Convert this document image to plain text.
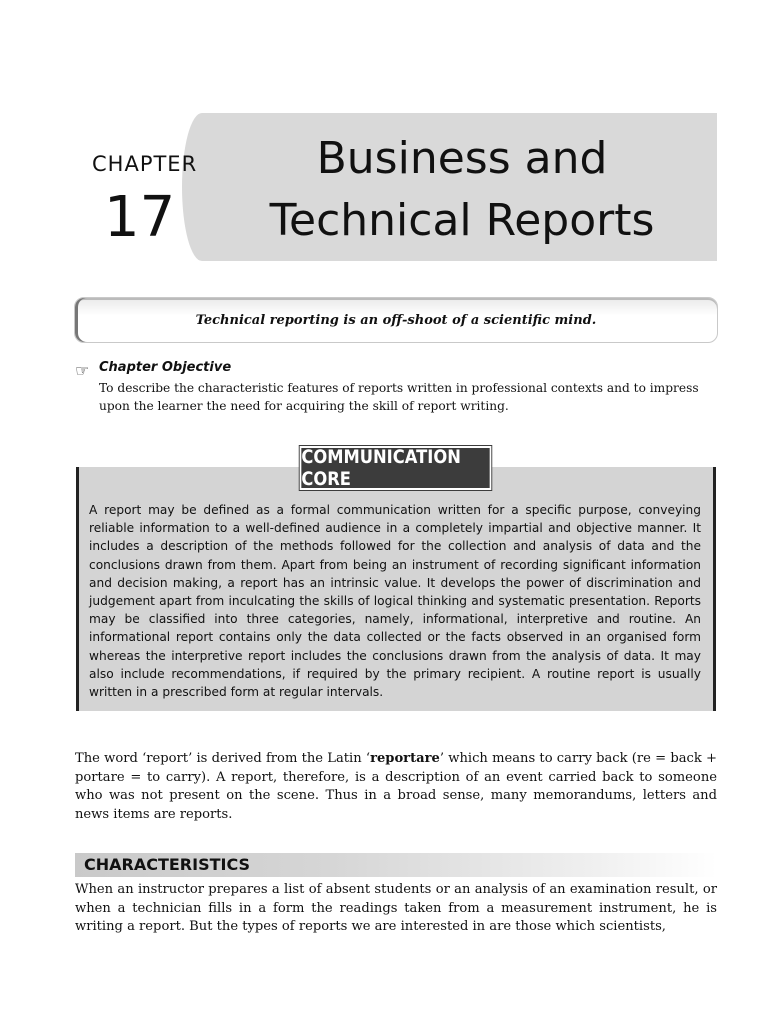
CHAPTER
17
Business and
Technical Reports
Technical reporting is an off-shoot of a scientific mind.
☞ Chapter Objective
To describe the characteristic features of reports written in professional contexts and to impress upon the learner the need for acquiring the skill of report writing.
COMMUNICATION CORE
A report may be defined as a formal communication written for a specific purpose, conveying reliable information to a well-defined audience in a completely impartial and objective manner. It includes a description of the methods followed for the collection and analysis of data and the conclusions drawn from them. Apart from being an instrument of recording significant information and decision making, a report has an intrinsic value. It develops the power of discrimination and judgement apart from inculcating the skills of logical thinking and systematic presentation. Reports may be classified into three categories, namely, informational, interpretive and routine. An informational report contains only the data collected or the facts observed in an organised form whereas the interpretive report includes the conclusions drawn from the analysis of data. It may also include recommendations, if required by the primary recipient. A routine report is usually written in a prescribed form at regular intervals.
The word ‘report’ is derived from the Latin ‘reportare’ which means to carry back (re = back + portare = to carry). A report, therefore, is a description of an event carried back to someone who was not present on the scene. Thus in a broad sense, many memorandums, letters and news items are reports.
CHARACTERISTICS
When an instructor prepares a list of absent students or an analysis of an examination result, or when a technician fills in a form the readings taken from a measurement instrument, he is writing a report. But the types of reports we are interested in are those which scientists,
